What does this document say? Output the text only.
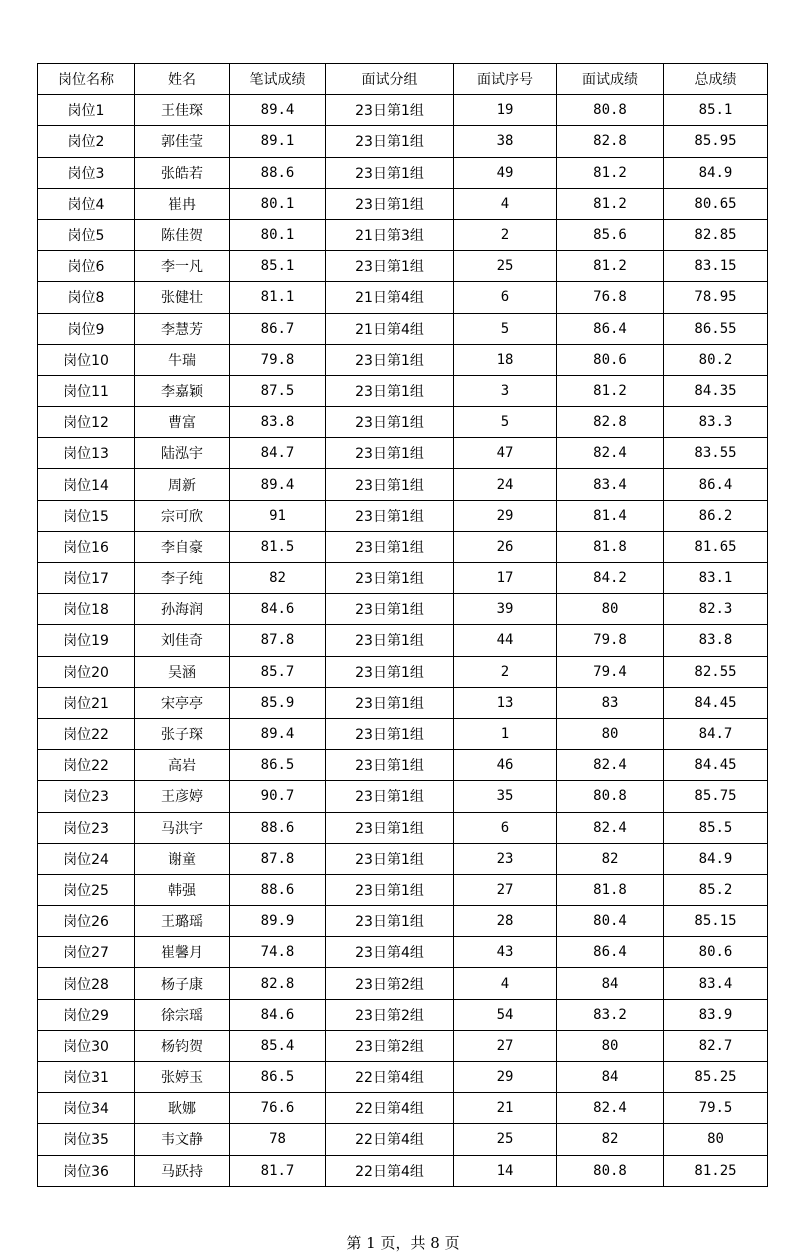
岗位名称	姓名	笔试成绩	面试分组	面试序号	面试成绩	总成绩
岗位1	王佳琛	89.4	23日第1组	19	80.8	85.1
岗位2	郭佳莹	89.1	23日第1组	38	82.8	85.95
岗位3	张皓若	88.6	23日第1组	49	81.2	84.9
岗位4	崔冉	80.1	23日第1组	4	81.2	80.65
岗位5	陈佳贺	80.1	21日第3组	2	85.6	82.85
岗位6	李一凡	85.1	23日第1组	25	81.2	83.15
岗位8	张健壮	81.1	21日第4组	6	76.8	78.95
岗位9	李慧芳	86.7	21日第4组	5	86.4	86.55
岗位10	牛瑞	79.8	23日第1组	18	80.6	80.2
岗位11	李嘉颖	87.5	23日第1组	3	81.2	84.35
岗位12	曹富	83.8	23日第1组	5	82.8	83.3
岗位13	陆泓宇	84.7	23日第1组	47	82.4	83.55
岗位14	周新	89.4	23日第1组	24	83.4	86.4
岗位15	宗可欣	91	23日第1组	29	81.4	86.2
岗位16	李自豪	81.5	23日第1组	26	81.8	81.65
岗位17	李子纯	82	23日第1组	17	84.2	83.1
岗位18	孙海润	84.6	23日第1组	39	80	82.3
岗位19	刘佳奇	87.8	23日第1组	44	79.8	83.8
岗位20	吴涵	85.7	23日第1组	2	79.4	82.55
岗位21	宋亭亭	85.9	23日第1组	13	83	84.45
岗位22	张子琛	89.4	23日第1组	1	80	84.7
岗位22	高岩	86.5	23日第1组	46	82.4	84.45
岗位23	王彦婷	90.7	23日第1组	35	80.8	85.75
岗位23	马洪宇	88.6	23日第1组	6	82.4	85.5
岗位24	谢童	87.8	23日第1组	23	82	84.9
岗位25	韩强	88.6	23日第1组	27	81.8	85.2
岗位26	王璐瑶	89.9	23日第1组	28	80.4	85.15
岗位27	崔馨月	74.8	23日第4组	43	86.4	80.6
岗位28	杨子康	82.8	23日第2组	4	84	83.4
岗位29	徐宗瑶	84.6	23日第2组	54	83.2	83.9
岗位30	杨钧贺	85.4	23日第2组	27	80	82.7
岗位31	张婷玉	86.5	22日第4组	29	84	85.25
岗位34	耿娜	76.6	22日第4组	21	82.4	79.5
岗位35	韦文静	78	22日第4组	25	82	80
岗位36	马跃持	81.7	22日第4组	14	80.8	81.25
第 1 页，共 8 页
